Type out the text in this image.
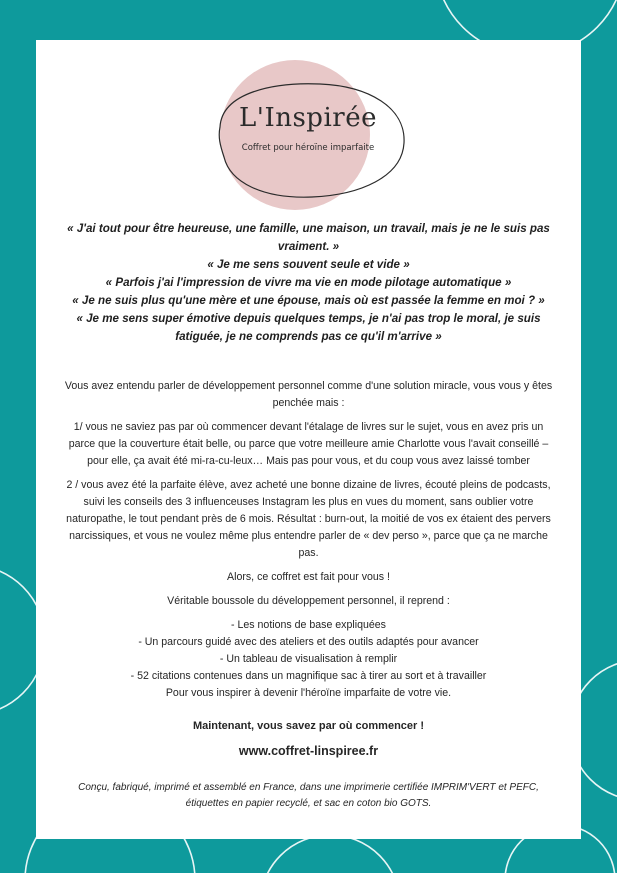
L'Inspirée
Coffret pour héroïne imparfaite
« J'ai tout pour être heureuse, une famille, une maison, un travail, mais je ne le suis pas vraiment. »
« Je me sens souvent seule et vide »
« Parfois j'ai l'impression de vivre ma vie en mode pilotage automatique »
« Je ne suis plus qu'une mère et une épouse, mais où est passée la femme en moi ? »
« Je me sens super émotive depuis quelques temps, je n'ai pas trop le moral, je suis fatiguée, je ne comprends pas ce qu'il m'arrive »

Vous avez entendu parler de développement personnel comme d'une solution miracle, vous vous y êtes penchée mais :

1/ vous ne saviez pas par où commencer devant l'étalage de livres sur le sujet, vous en avez pris un parce que la couverture était belle, ou parce que votre meilleure amie Charlotte vous l'avait conseillé – pour elle, ça avait été mi-ra-cu-leux… Mais pas pour vous, et du coup vous avez laissé tomber

2 / vous avez été la parfaite élève, avez acheté une bonne dizaine de livres, écouté pleins de podcasts, suivi les conseils des 3 influenceuses Instagram les plus en vues du moment, sans oublier votre naturopathe, le tout pendant près de 6 mois. Résultat : burn-out, la moitié de vos ex étaient des pervers narcissiques, et vous ne voulez même plus entendre parler de « dev perso », parce que ça ne marche pas.

Alors, ce coffret est fait pour vous !

Véritable boussole du développement personnel, il reprend :

- Les notions de base expliquées
- Un parcours guidé avec des ateliers et des outils adaptés pour avancer
- Un tableau de visualisation à remplir
- 52 citations contenues dans un magnifique sac à tirer au sort et à travailler
Pour vous inspirer à devenir l'héroïne imparfaite de votre vie.
Maintenant, vous savez par où commencer !
www.coffret-linspiree.fr
Conçu, fabriqué, imprimé et assemblé en France, dans une imprimerie certifiée IMPRIM'VERT et PEFC, étiquettes en papier recyclé, et sac en coton bio GOTS.
